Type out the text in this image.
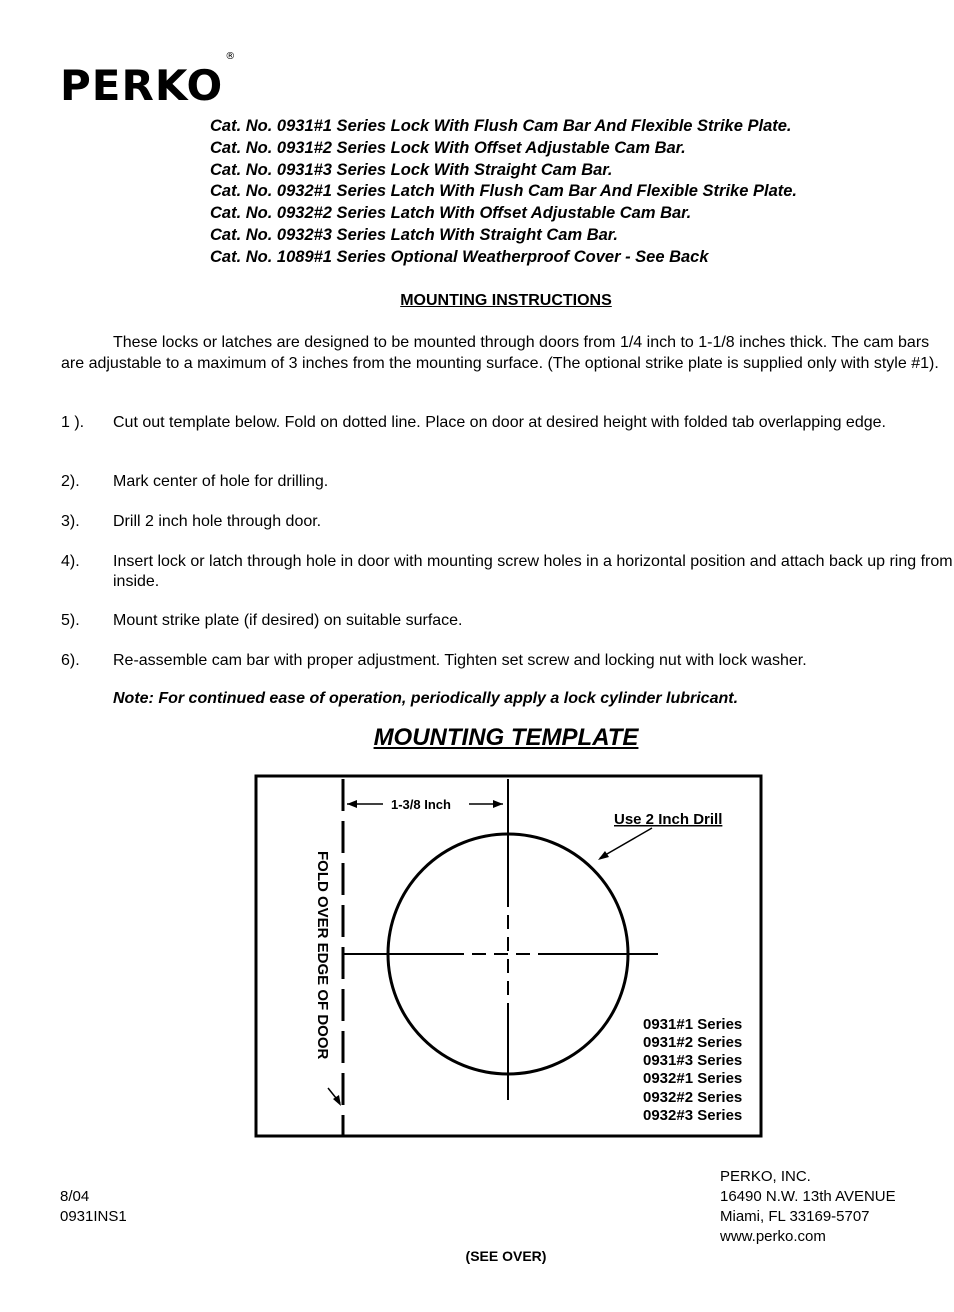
PERKO®
Cat. No. 0931#1 Series Lock With Flush Cam Bar And Flexible Strike Plate.
Cat. No. 0931#2 Series Lock With Offset Adjustable Cam Bar.
Cat. No. 0931#3 Series Lock With Straight Cam Bar.
Cat. No. 0932#1 Series Latch With Flush Cam Bar And Flexible Strike Plate.
Cat. No. 0932#2 Series Latch With Offset Adjustable Cam Bar.
Cat. No. 0932#3 Series Latch With Straight Cam Bar.
Cat. No. 1089#1 Series Optional Weatherproof Cover - See Back
MOUNTING INSTRUCTIONS
These locks or latches are designed to be mounted through doors from 1/4 inch to 1-1/8 inches thick. The cam bars are adjustable to a maximum of 3 inches from the mounting surface. (The optional strike plate is supplied only with style #1).
1 ). Cut out template below. Fold on dotted line. Place on door at desired height with folded tab overlapping edge.
2). Mark center of hole for drilling.
3). Drill 2 inch hole through door.
4). Insert lock or latch through hole in door with mounting screw holes in a horizontal position and attach back up ring from inside.
5). Mount strike plate (if desired) on suitable surface.
6). Re-assemble cam bar with proper adjustment. Tighten set screw and locking nut with lock washer.
Note: For continued ease of operation, periodically apply a lock cylinder lubricant.
MOUNTING TEMPLATE
1-3/8 Inch
Use 2 Inch Drill
FOLD OVER EDGE OF DOOR	0931#1 Series
0931#2 Series
0931#3 Series
0932#1 Series
0932#2 Series
0932#3 Series
8/04
0931INS1
PERKO, INC.
16490 N.W. 13th AVENUE
Miami, FL 33169-5707
www.perko.com
(SEE OVER)
